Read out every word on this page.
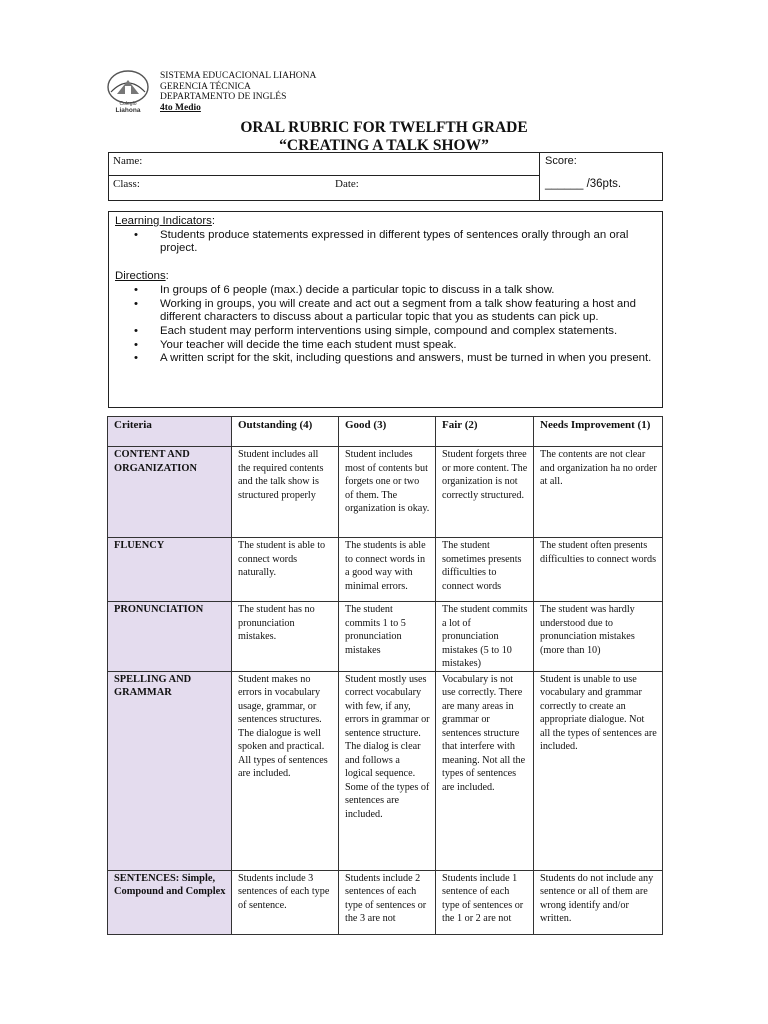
Colegio
Liahona
SISTEMA EDUCACIONAL LIAHONA
GERENCIA TÉCNICA
DEPARTAMENTO DE INGLÉS
4to Medio
ORAL RUBRIC FOR TWELFTH GRADE
“CREATING A TALK SHOW”
Name:
Class:	Date:
Score:
______ /36pts.
Learning Indicators:
• Students produce statements expressed in different types of sentences orally through an oral project.
Directions:
• In groups of 6 people (max.) decide a particular topic to discuss in a talk show.
• Working in groups, you will create and act out a segment from a talk show featuring a host and different characters to discuss about a particular topic that you as students can pick up.
• Each student may perform interventions using simple, compound and complex statements.
• Your teacher will decide the time each student must speak.
• A written script for the skit, including questions and answers, must be turned in when you present.
Criteria	Outstanding (4)	Good (3)	Fair (2)	Needs Improvement (1)
CONTENT AND ORGANIZATION	Student includes all the required contents and the talk show is structured properly	Student includes most of contents but forgets one or two of them. The organization is okay.	Student forgets three or more content. The organization is not correctly structured.	The contents are not clear and organization ha no order at all.
FLUENCY	The student is able to connect words naturally.	The students is able to connect words in a good way with minimal errors.	The student sometimes presents difficulties to connect words	The student often presents difficulties to connect words
PRONUNCIATION	The student has no pronunciation mistakes.	The student commits 1 to 5 pronunciation mistakes	The student commits a lot of pronunciation mistakes (5 to 10 mistakes)	The student was hardly understood due to pronunciation mistakes (more than 10)
SPELLING AND GRAMMAR	Student makes no errors in vocabulary usage, grammar, or sentences structures. The dialogue is well spoken and practical. All types of sentences are included.	Student mostly uses correct vocabulary with few, if any, errors in grammar or sentence structure. The dialog is clear and follows a logical sequence. Some of the types of sentences are included.	Vocabulary is not use correctly. There are many areas in grammar or sentences structure that interfere with meaning. Not all the types of sentences are included.	Student is unable to use vocabulary and grammar correctly to create an appropriate dialogue. Not all the types of sentences are included.
SENTENCES: Simple, Compound and Complex	Students include 3 sentences of each type of sentence.	Students include 2 sentences of each type of sentences or the 3 are not	Students include 1 sentence of each type of sentences or the 1 or 2 are not	Students do not include any sentence or all of them are wrong identify and/or written.
